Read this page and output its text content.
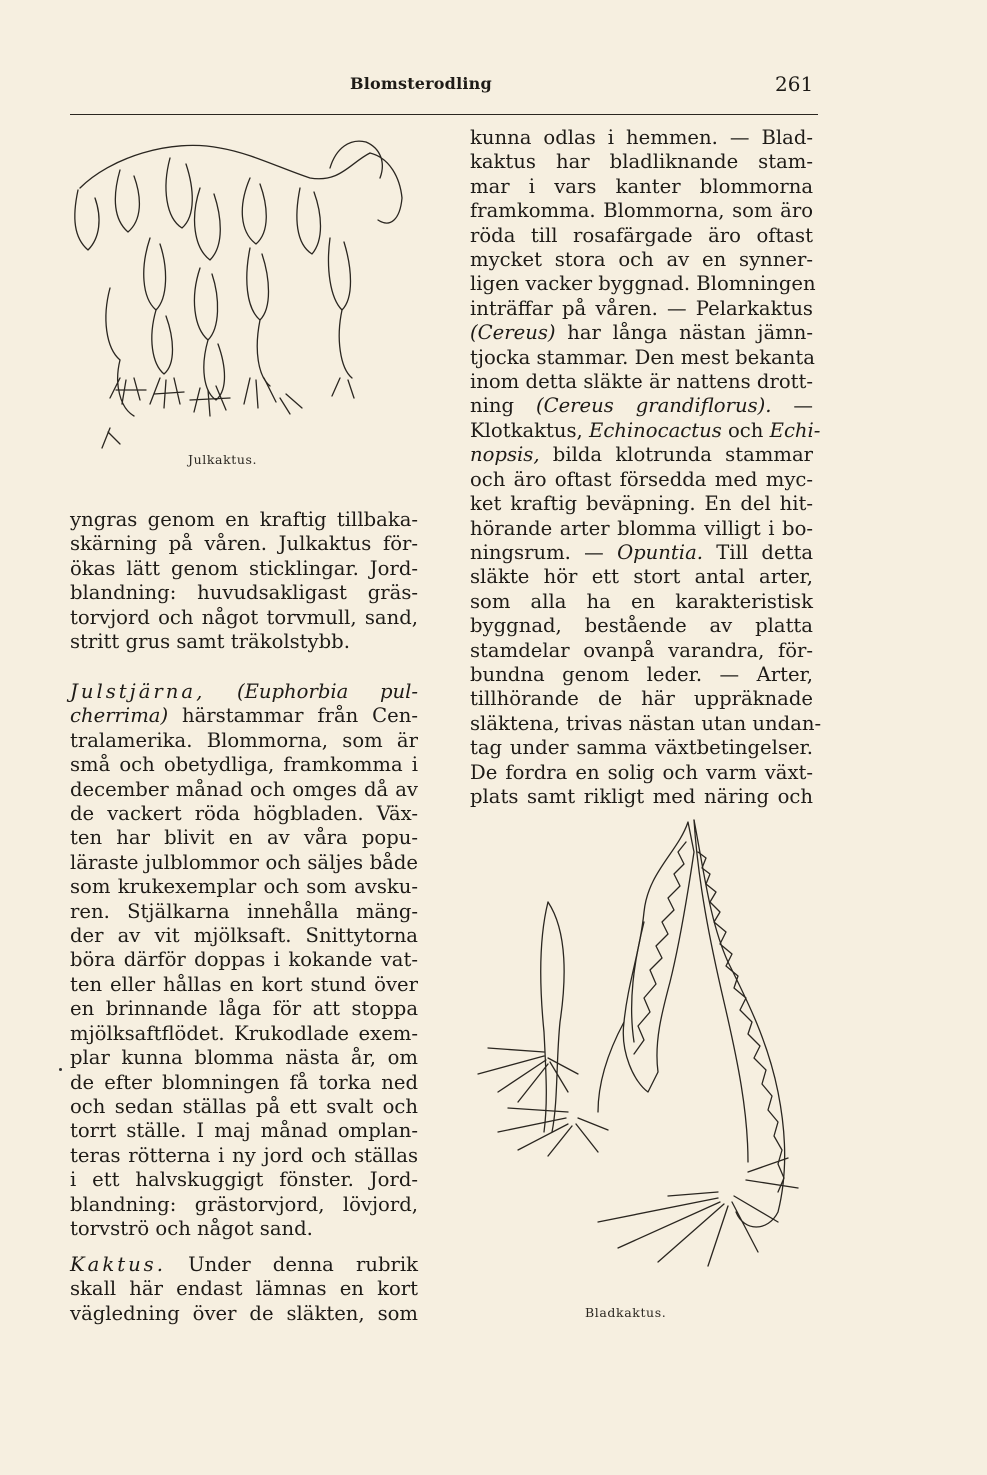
Blomsterodling	261
Julkaktus.

yngras genom en kraftig tillbaka-
skärning på våren. Julkaktus för-
ökas lätt genom sticklingar. Jord-
blandning: huvudsakligast gräs-
torvjord och något torvmull, sand,
stritt grus samt träkolstybb.

Julstjärna, (Euphorbia pul-
cherrima) härstammar från Cen-
tralamerika. Blommorna, som är
små och obetydliga, framkomma i
december månad och omges då av
de vackert röda högbladen. Väx-
ten har blivit en av våra popu-
läraste julblommor och säljes både
som krukexemplar och som avsku-
ren. Stjälkarna innehålla mäng-
der av vit mjölksaft. Snittytorna
böra därför doppas i kokande vat-
ten eller hållas en kort stund över
en brinnande låga för att stoppa
mjölksaftflödet. Krukodlade exem-
plar kunna blomma nästa år, om
de efter blomningen få torka ned
och sedan ställas på ett svalt och
torrt ställe. I maj månad omplan-
teras rötterna i ny jord och ställas
i ett halvskuggigt fönster. Jord-
blandning: grästorvjord, lövjord,
torvströ och något sand.

Kaktus. Under denna rubrik
skall här endast lämnas en kort
vägledning över de släkten, som

kunna odlas i hemmen. — Blad-
kaktus har bladliknande stam-
mar i vars kanter blommorna
framkomma. Blommorna, som äro
röda till rosafärgade äro oftast
mycket stora och av en synner-
ligen vacker byggnad. Blomningen
inträffar på våren. — Pelarkaktus
(Cereus) har långa nästan jämn-
tjocka stammar. Den mest bekanta
inom detta släkte är nattens drott-
ning (Cereus grandiflorus). —
Klotkaktus, Echinocactus och Echi-
nopsis, bilda klotrunda stammar
och äro oftast försedda med myc-
ket kraftig beväpning. En del hit-
hörande arter blomma villigt i bo-
ningsrum. — Opuntia. Till detta
släkte hör ett stort antal arter,
som alla ha en karakteristisk
byggnad, bestående av platta
stamdelar ovanpå varandra, för-
bundna genom leder. — Arter,
tillhörande de här uppräknade
släktena, trivas nästan utan undan-
tag under samma växtbetingelser.
De fordra en solig och varm växt-
plats samt rikligt med näring och

Bladkaktus.
